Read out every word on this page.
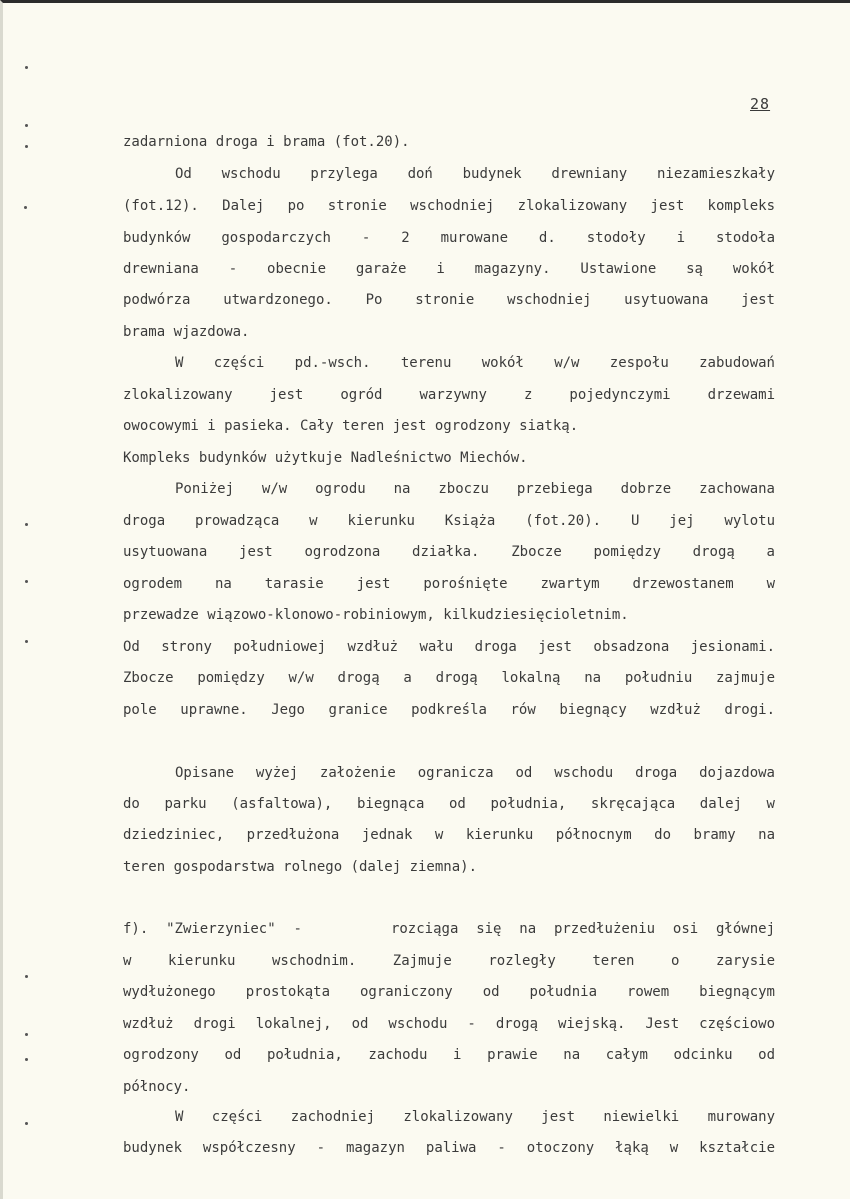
28
zadarniona droga i brama (fot.20).
Od wschodu przylega doń budynek drewniany niezamieszkały
(fot.12). Dalej po stronie wschodniej zlokalizowany jest kompleks
budynków gospodarczych - 2 murowane d. stodoły i stodoła
drewniana - obecnie garaże i magazyny. Ustawione są wokół
podwórza utwardzonego. Po stronie wschodniej usytuowana jest
brama wjazdowa.
W części pd.-wsch. terenu wokół w/w zespołu zabudowań
zlokalizowany jest ogród warzywny z pojedynczymi drzewami
owocowymi i pasieka. Cały teren jest ogrodzony siatką.
Kompleks budynków użytkuje Nadleśnictwo Miechów.
Poniżej w/w ogrodu na zboczu przebiega dobrze zachowana
droga prowadząca w kierunku Książa (fot.20). U jej wylotu
usytuowana jest ogrodzona działka. Zbocze pomiędzy drogą a
ogrodem na tarasie jest porośnięte zwartym drzewostanem w
przewadze wiązowo-klonowo-robiniowym, kilkudziesięcioletnim.
Od strony południowej wzdłuż wału droga jest obsadzona jesionami.
Zbocze pomiędzy w/w drogą a drogą lokalną na południu zajmuje
pole uprawne. Jego granice podkreśla rów biegnący wzdłuż drogi.
Opisane wyżej założenie ogranicza od wschodu droga dojazdowa
do parku (asfaltowa), biegnąca od południa, skręcająca dalej w
dziedziniec, przedłużona jednak w kierunku północnym do bramy na
teren gospodarstwa rolnego (dalej ziemna).
f). "Zwierzyniec" -     rozciąga się na przedłużeniu osi głównej
w kierunku wschodnim. Zajmuje rozległy teren o zarysie
wydłużonego prostokąta ograniczony od południa rowem biegnącym
wzdłuż drogi lokalnej, od wschodu - drogą wiejską. Jest częściowo
ogrodzony od południa, zachodu i prawie na całym odcinku od
północy.
W części zachodniej zlokalizowany jest niewielki murowany
budynek współczesny - magazyn paliwa - otoczony łąką w kształcie
